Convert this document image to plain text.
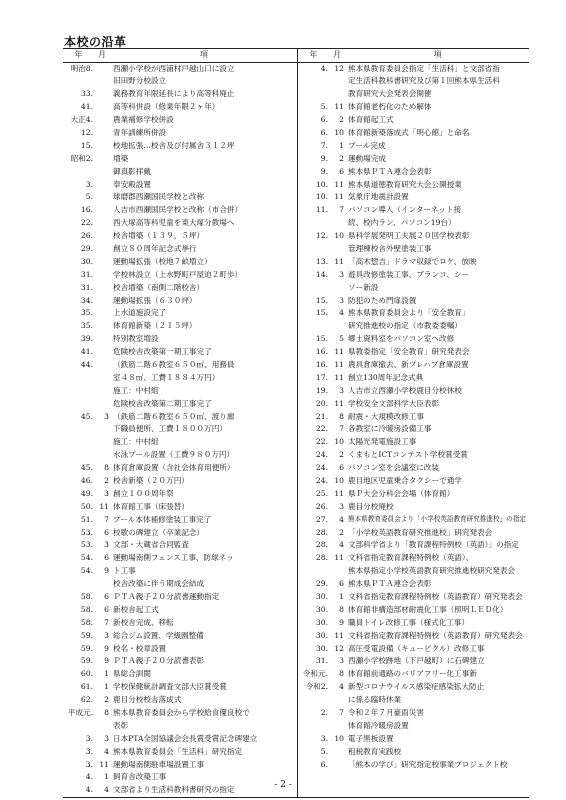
本校の沿革
年	月	項	年	月	項
明治8.		西瀬小学校が西浦村戸越山口に設立	4.	12	熊本県教育委員会指定「生活科」と文部省指
		旧田野分校設立			定生活科教科書研究及び第１回熊本県生活科
33.		義務教育年限延長により高等科廃止			教育研究大会発表会開催
41.		高等科併設（修業年限２ヶ年）	5.	11	体育館老朽化のため解体
大正4.		農業補修学校併設	6.	2	体育館起工式
12.		青年訓練所併設	6.	10	体育館新築落成式「明心館」と命名
15.		校地拡張…校舎及び付属舎３１２坪	7.	1	プール完成
昭和2.		増築	9.	2	運動場完成
		御真影拝戴	9.	6	熊本県ＰＴＡ連合会表彰
3.		奉安殿設置	10.	11	熊本県道徳教育研究大会公開授業
5.		球磨郡西瀬国民学校と改称	10.	11	気象庁地震計設置
16.		人吉市西瀬国民学校と改称（市合併）	11.	7	パソコン導入（インターネット接
22.		西大塚高等科児童を東大塚分教場へ			続、校内ラン、パソコン19台）
26.		校舎増築（１３９，５坪）	12.	10	県科学展発明工夫展２０回学校表彰
29.		創立８０周年記念式挙行			管理棟校舎外壁塗装工事
30.		運動場拡張（校地７畝増立）	13.	11	「高木惣吉」ドラマ収録でロケ、放映
31.		学校林設立（上水野町戸屋迫２町歩）	14.	3	遊具改修塗装工事、ブランコ、シー
31.		校舎増築（南側二階校舎）			ソー新設
34.		運動場拡張（６３０坪）	15.	3	防犯のため門扉設置
35.		上水道施設完了	15.	4	熊本県教育委員会より「安全教育」
35.		体育館新築（２１５坪）			研究推進校の指定（市教委委嘱）
39.		特別教室増設	15.	5	郷土資料室をパソコン室へ改修
41.		危険校舎改築第一期工事完了	16.	11	県教委指定「安全教育」研究発表会
44.		（鉄筋二階６教室６５０㎡、用務員	16.	11	農具倉庫撤去、新プレハブ倉庫設置
		室４８㎡、工費１８８４万円）	17.	11	創立130周年記念式典
		施工：中村組	19.	3	人吉市立西瀬小学校鹿目分校休校
		危険校舎改築第二期工事完了	20.	11	学校安全文部科学大臣表彰
45.	3	（鉄筋二階６教室６５０㎡、渡り廊	21.	8	耐震・大規模改修工事
		下職員便所、工費１８００万円）	22.	7	各教室に冷暖房設備工事
		施工：中村組	22.	10	太陽光発電施設工事
		水泳プール設置（工費９８０万円）	24.	2	くまもとICTコンテスト学校賞受賞
45.	8	体育倉庫設置（含社会体育用便所）	24.	6	パソコン室を会議室に改装
46.	2	校舎新築（２０万円）	24.	10	鹿目地区児童乗合タクシーで通学
49.	3	創立１００周年祭	25.	11	県Ｐ大会分科会会場（体育館）
50.	11	体育館工事（床張替）	26.	3	鹿目分校廃校
51.	7	プール本体補修塗装工事完了	27.	4	熊本県教育委員会より「小学校英語教育研究推進校」の指定
53.	6	校歌の碑建立（卒業記念）	28.	2	「小学校英語教育研究推進校」研究発表会
53.	3	文部・大蔵省合同監査	28.	4	文部科学省より「教育課程特例校（英語）」の指定
54.	6	運動場南側フェンス工事、防球ネッ	28.	11	文科省指定教育課程特例校（英語）、
54.	9	ト工事			熊本県指定小学校英語教育研究推進校研究発表会
		校舎改築に伴う期成会結成	29.	6	熊本県ＰＴＡ連合会表彰
58.	6	ＰＴＡ親子２０分読書運動指定	30.	1	文科省指定教育課程特例校（英語教育）研究発表会
58.	6	新校舎起工式	30.	8	体育館非構造部材耐震化工事（照明ＬＥＤ化）
58.	7	新校舎完成、移転	30.	9	職員トイレ改修工事（様式化工事）
59.	3	総合ジム設置、学級園整備	30.	11	文科省指定教育課程特例校（英語教育）研究発表会
59.	9	校名・校章設置	30.	12	高圧受電設備（キュービクル）改修工事
59.	9	ＰＴＡ親子２０分読書表彰	31.	3	西瀬小学校跡地（下戸越町）に石碑建立
60.	1	県総合訓閲	令和元.	8	体育館前通路のバリアフリー化工事新
61.	1	学校保健統計調査文部大臣賞受賞	令和2.	4	新型コロナウイルス感染症感染拡大防止
62.	2	鹿目分校校舎落成式			に係る臨時休業
平成元.	8	熊本県教育委員会から学校給食優良校で	2.	7	令和２年７月豪雨災害
		表彰			体育館冷暖房設置
3.	3	日本PTA全国協議会会長賞受賞記念碑建立	3.	10	電子黒板設置
3.	4	熊本県教育委員会「生活科」研究指定	5.		租税教育実践校
3.	11	運動場南側駐車場設置工事	6.		「熊本の学び」研究指定校事業プロジェクト校
4.	1	飼育舎改築工事			
4.	4	文部省より生活科教科書研究の指定				- 2 -
